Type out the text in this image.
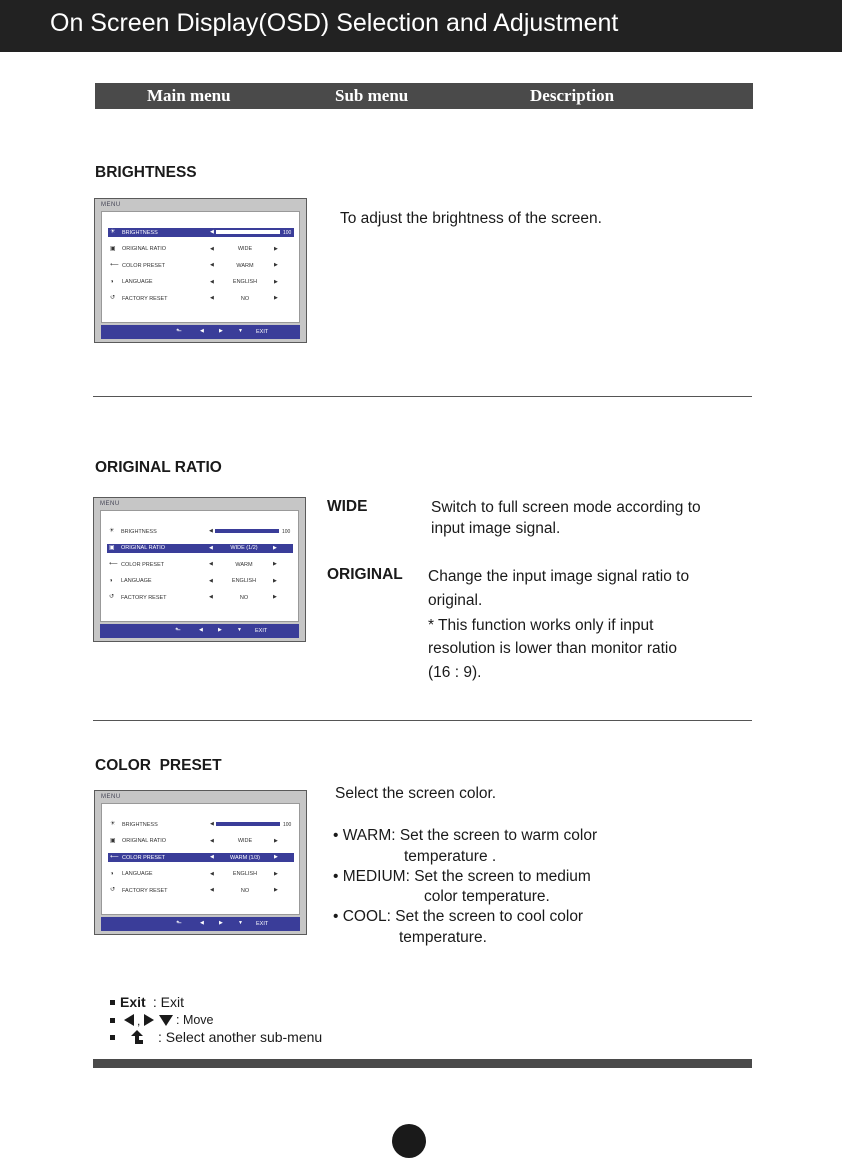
On Screen Display(OSD) Selection and Adjustment
Main menu	Sub menu	Description
BRIGHTNESS
MENU
☀ BRIGHTNESS	◀	100
▣ ORIGINAL RATIO	◀	WIDE	▶
⟵ COLOR PRESET	◀	WARM	▶
◑ LANGUAGE	◀	ENGLISH	▶
↺ FACTORY RESET	◀	NO	▶
⬑	◀	▶	▼ EXIT
To adjust the brightness of the screen.
ORIGINAL RATIO
MENU
☀ BRIGHTNESS	◀	100
▣ ORIGINAL RATIO	◀	WIDE (1/2)	▶
⟵ COLOR PRESET	◀	WARM	▶
◑ LANGUAGE	◀	ENGLISH	▶
↺ FACTORY RESET	◀	NO	▶
⬑	◀	▶	▼ EXIT
WIDE	Switch to full screen mode according to
input image signal.
ORIGINAL Change the input image signal ratio to
original.
* This function works only if input
resolution is lower than monitor ratio
(16 : 9).
COLOR  PRESET
MENU
☀ BRIGHTNESS	◀	100
▣ ORIGINAL RATIO	◀	WIDE	▶
⟵ COLOR PRESET	◀	WARM (1/3)	▶
◑ LANGUAGE	◀	ENGLISH	▶
↺ FACTORY RESET	◀	NO	▶
⬑	◀	▶	▼ EXIT
Select the screen color.
• WARM: Set the screen to warm color
temperature .
• MEDIUM: Set the screen to medium
color temperature.
• COOL: Set the screen to cool color
temperature.
Exit : Exit
,	: Move
: Select another sub-menu
